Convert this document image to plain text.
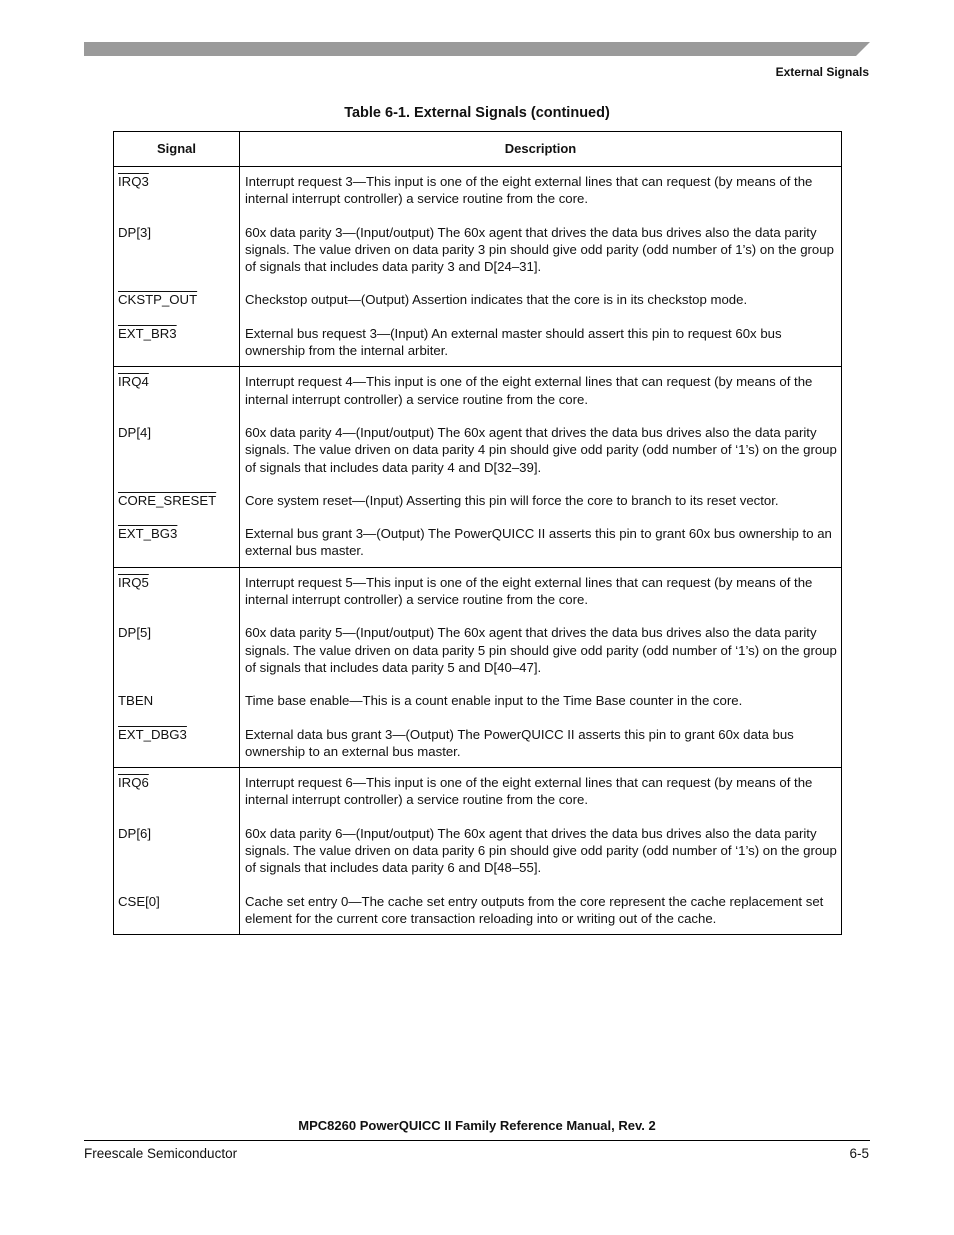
External Signals
Table 6-1. External Signals (continued)
Signal	Description
IRQ3	Interrupt request 3—This input is one of the eight external lines that can request (by means of the internal interrupt controller) a service routine from the core.
DP[3]	60x data parity 3—(Input/output) The 60x agent that drives the data bus drives also the data parity signals. The value driven on data parity 3 pin should give odd parity (odd number of 1’s) on the group of signals that includes data parity 3 and D[24–31].
CKSTP_OUT	Checkstop output—(Output) Assertion indicates that the core is in its checkstop mode.
EXT_BR3	External bus request 3—(Input) An external master should assert this pin to request 60x bus ownership from the internal arbiter.
IRQ4	Interrupt request 4—This input is one of the eight external lines that can request (by means of the internal interrupt controller) a service routine from the core.
DP[4]	60x data parity 4—(Input/output) The 60x agent that drives the data bus drives also the data parity signals. The value driven on data parity 4 pin should give odd parity (odd number of ‘1’s) on the group of signals that includes data parity 4 and D[32–39].
CORE_SRESET	Core system reset—(Input) Asserting this pin will force the core to branch to its reset vector.
EXT_BG3	External bus grant 3—(Output) The PowerQUICC II asserts this pin to grant 60x bus ownership to an external bus master.
IRQ5	Interrupt request 5—This input is one of the eight external lines that can request (by means of the internal interrupt controller) a service routine from the core.
DP[5]	60x data parity 5—(Input/output) The 60x agent that drives the data bus drives also the data parity signals. The value driven on data parity 5 pin should give odd parity (odd number of ‘1’s) on the group of signals that includes data parity 5 and D[40–47].
TBEN	Time base enable—This is a count enable input to the Time Base counter in the core.
EXT_DBG3	External data bus grant 3—(Output) The PowerQUICC II asserts this pin to grant 60x data bus ownership to an external bus master.
IRQ6	Interrupt request 6—This input is one of the eight external lines that can request (by means of the internal interrupt controller) a service routine from the core.
DP[6]	60x data parity 6—(Input/output) The 60x agent that drives the data bus drives also the data parity signals. The value driven on data parity 6 pin should give odd parity (odd number of ‘1’s) on the group of signals that includes data parity 6 and D[48–55].
CSE[0]	Cache set entry 0—The cache set entry outputs from the core represent the cache replacement set element for the current core transaction reloading into or writing out of the cache.
MPC8260 PowerQUICC II Family Reference Manual, Rev. 2
Freescale Semiconductor	6-5
